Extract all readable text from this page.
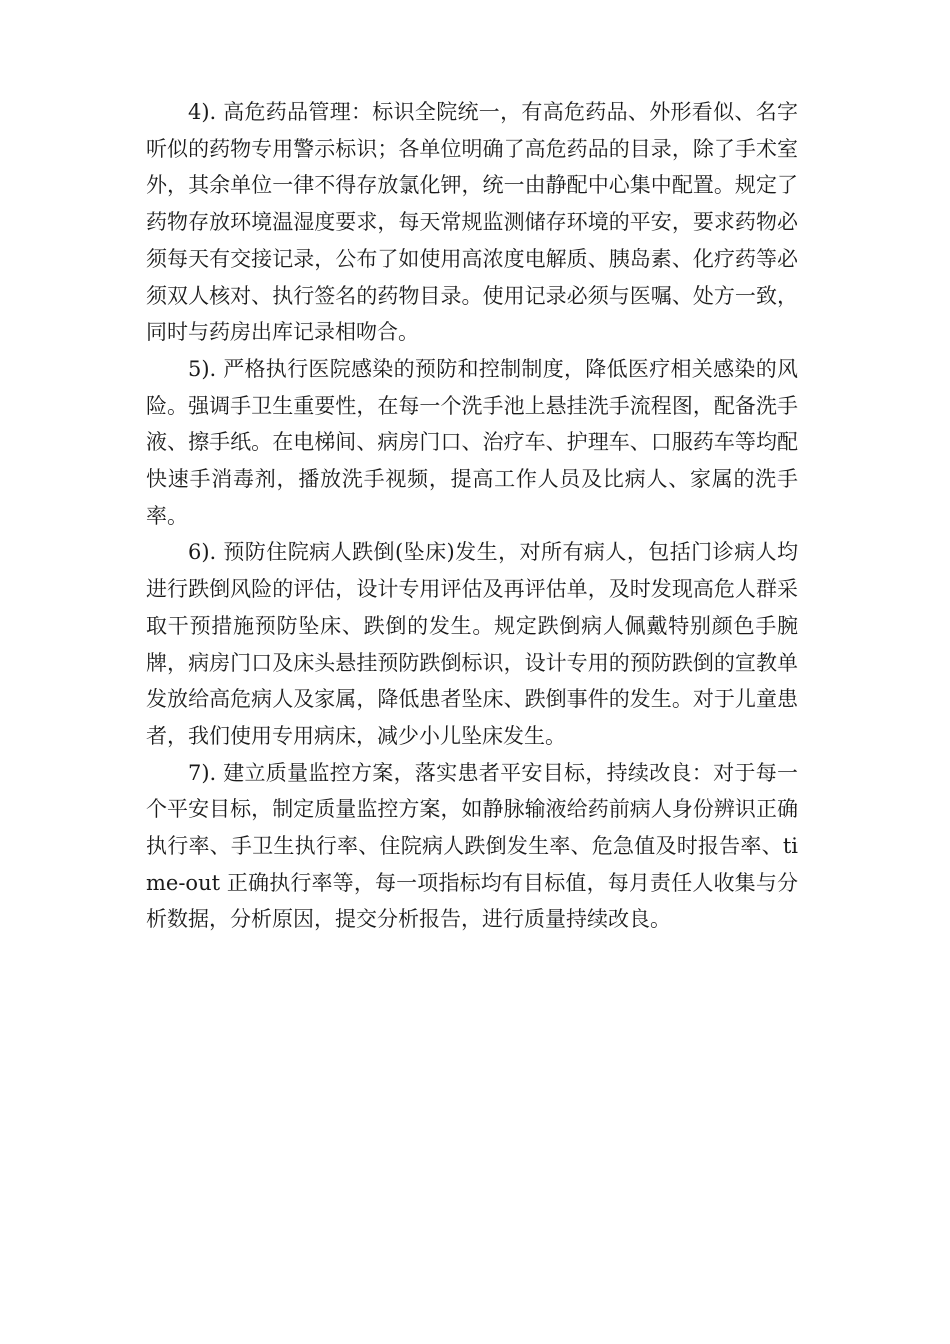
4). 高危药品管理：标识全院统一，有高危药品、外形看似、名字听似的药物专用警示标识；各单位明确了高危药品的目录，除了手术室外，其余单位一律不得存放氯化钾，统一由静配中心集中配置。规定了药物存放环境温湿度要求，每天常规监测储存环境的平安，要求药物必须每天有交接记录，公布了如使用高浓度电解质、胰岛素、化疗药等必须双人核对、执行签名的药物目录。使用记录必须与医嘱、处方一致，同时与药房出库记录相吻合。

5). 严格执行医院感染的预防和控制制度，降低医疗相关感染的风险。强调手卫生重要性，在每一个洗手池上悬挂洗手流程图，配备洗手液、擦手纸。在电梯间、病房门口、治疗车、护理车、口服药车等均配快速手消毒剂，播放洗手视频，提高工作人员及比病人、家属的洗手率。

6). 预防住院病人跌倒(坠床)发生，对所有病人，包括门诊病人均进行跌倒风险的评估，设计专用评估及再评估单，及时发现高危人群采取干预措施预防坠床、跌倒的发生。规定跌倒病人佩戴特别颜色手腕牌，病房门口及床头悬挂预防跌倒标识，设计专用的预防跌倒的宣教单发放给高危病人及家属，降低患者坠床、跌倒事件的发生。对于儿童患者，我们使用专用病床，减少小儿坠床发生。

7). 建立质量监控方案，落实患者平安目标，持续改良：对于每一个平安目标，制定质量监控方案，如静脉输液给药前病人身份辨识正确执行率、手卫生执行率、住院病人跌倒发生率、危急值及时报告率、time-out 正确执行率等，每一项指标均有目标值，每月责任人收集与分析数据，分析原因，提交分析报告，进行质量持续改良。
